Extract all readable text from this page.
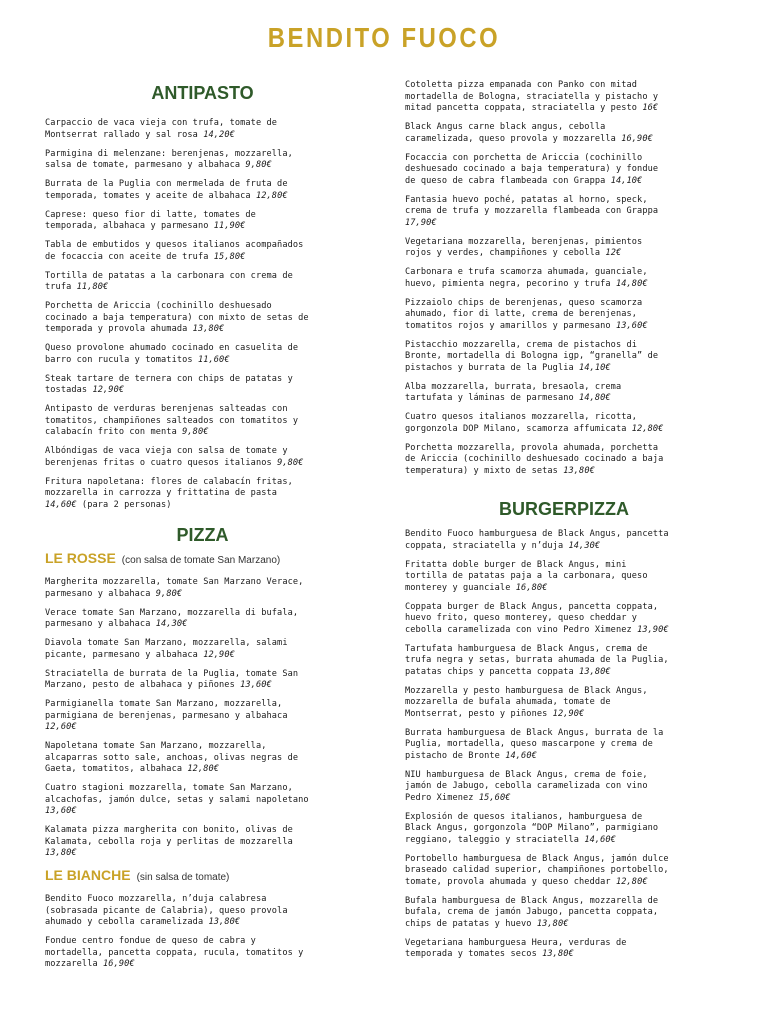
BENDITO FUOCO
ANTIPASTO

Carpaccio de vaca vieja con trufa, tomate de
Montserrat rallado y sal rosa 14,20€

Parmigina di melenzane: berenjenas, mozzarella,
salsa de tomate, parmesano y albahaca 9,80€

Burrata de la Puglia con mermelada de fruta de
temporada, tomates y aceite de albahaca 12,80€

Caprese: queso fior di latte, tomates de
temporada, albahaca y parmesano 11,90€

Tabla de embutidos y quesos italianos acompañados
de focaccia con aceite de trufa 15,80€

Tortilla de patatas a la carbonara con crema de
trufa 11,80€

Porchetta de Ariccia (cochinillo deshuesado
cocinado a baja temperatura) con mixto de setas de
temporada y provola ahumada 13,80€

Queso provolone ahumado cocinado en casuelita de
barro con rucula y tomatitos 11,60€

Steak tartare de ternera con chips de patatas y
tostadas 12,90€

Antipasto de verduras berenjenas salteadas con
tomatitos, champiñones salteados con tomatitos y
calabacín frito con menta 9,80€

Albóndigas de vaca vieja con salsa de tomate y
berenjenas fritas o cuatro quesos italianos 9,80€

Fritura napoletana: flores de calabacín fritas,
mozzarella in carrozza y frittatina de pasta
14,60€ (para 2 personas)

PIZZA

LE ROSSE (con salsa de tomate San Marzano)

Margherita mozzarella, tomate San Marzano Verace,
parmesano y albahaca 9,80€

Verace tomate San Marzano, mozzarella di bufala,
parmesano y albahaca 14,30€

Diavola tomate San Marzano, mozzarella, salami
picante, parmesano y albahaca 12,90€

Straciatella de burrata de la Puglia, tomate San
Marzano, pesto de albahaca y piñones 13,60€

Parmigianella tomate San Marzano, mozzarella,
parmigiana de berenjenas, parmesano y albahaca
12,60€

Napoletana tomate San Marzano, mozzarella,
alcaparras sotto sale, anchoas, olivas negras de
Gaeta, tomatitos, albahaca 12,80€

Cuatro stagioni mozzarella, tomate San Marzano,
alcachofas, jamón dulce, setas y salami napoletano
13,60€

Kalamata pizza margherita con bonito, olivas de
Kalamata, cebolla roja y perlitas de mozzarella
13,80€

LE BIANCHE (sin salsa de tomate)

Bendito Fuoco mozzarella, n’duja calabresa
(sobrasada picante de Calabria), queso provola
ahumado y cebolla caramelizada 13,80€

Fondue centro fondue de queso de cabra y
mortadella, pancetta coppata, rucula, tomatitos y
mozzarella 16,90€

Cotoletta pizza empanada con Panko con mitad
mortadella de Bologna, straciatella y pistacho y
mitad pancetta coppata, straciatella y pesto 16€

Black Angus carne black angus, cebolla
caramelizada, queso provola y mozzarella 16,90€

Focaccia con porchetta de Ariccia (cochinillo
deshuesado cocinado a baja temperatura) y fondue
de queso de cabra flambeada con Grappa 14,10€

Fantasia huevo poché, patatas al horno, speck,
crema de trufa y mozzarella flambeada con Grappa
17,90€

Vegetariana mozzarella, berenjenas, pimientos
rojos y verdes, champiñones y cebolla 12€

Carbonara e trufa scamorza ahumada, guanciale,
huevo, pimienta negra, pecorino y trufa 14,80€

Pizzaiolo chips de berenjenas, queso scamorza
ahumado, fior di latte, crema de berenjenas,
tomatitos rojos y amarillos y parmesano 13,60€

Pistacchio mozzarella, crema de pistachos di
Bronte, mortadella di Bologna igp, “granella” de
pistachos y burrata de la Puglia 14,10€

Alba mozzarella, burrata, bresaola, crema
tartufata y láminas de parmesano 14,80€

Cuatro quesos italianos mozzarella, ricotta,
gorgonzola DOP Milano, scamorza affumicata 12,80€

Porchetta mozzarella, provola ahumada, porchetta
de Ariccia (cochinillo deshuesado cocinado a baja
temperatura) y mixto de setas 13,80€

BURGERPIZZA

Bendito Fuoco hamburguesa de Black Angus, pancetta
coppata, straciatella y n’duja 14,30€

Fritatta doble burger de Black Angus, mini
tortilla de patatas paja a la carbonara, queso
monterey y guanciale 16,80€

Coppata burger de Black Angus, pancetta coppata,
huevo frito, queso monterey, queso cheddar y
cebolla caramelizada con vino Pedro Ximenez 13,90€

Tartufata hamburguesa de Black Angus, crema de
trufa negra y setas, burrata ahumada de la Puglia,
patatas chips y pancetta coppata 13,80€

Mozzarella y pesto hamburguesa de Black Angus,
mozzarella de bufala ahumada, tomate de
Montserrat, pesto y piñones 12,90€

Burrata hamburguesa de Black Angus, burrata de la
Puglia, mortadella, queso mascarpone y crema de
pistacho de Bronte 14,60€

NIU hamburguesa de Black Angus, crema de foie,
jamón de Jabugo, cebolla caramelizada con vino
Pedro Ximenez 15,60€

Explosión de quesos italianos, hamburguesa de
Black Angus, gorgonzola “DOP Milano”, parmigiano
reggiano, taleggio y straciatella 14,60€

Portobello hamburguesa de Black Angus, jamón dulce
braseado calidad superior, champiñones portobello,
tomate, provola ahumada y queso cheddar 12,80€

Bufala hamburguesa de Black Angus, mozzarella de
bufala, crema de jamón Jabugo, pancetta coppata,
chips de patatas y huevo 13,80€

Vegetariana hamburguesa Heura, verduras de
temporada y tomates secos 13,80€
